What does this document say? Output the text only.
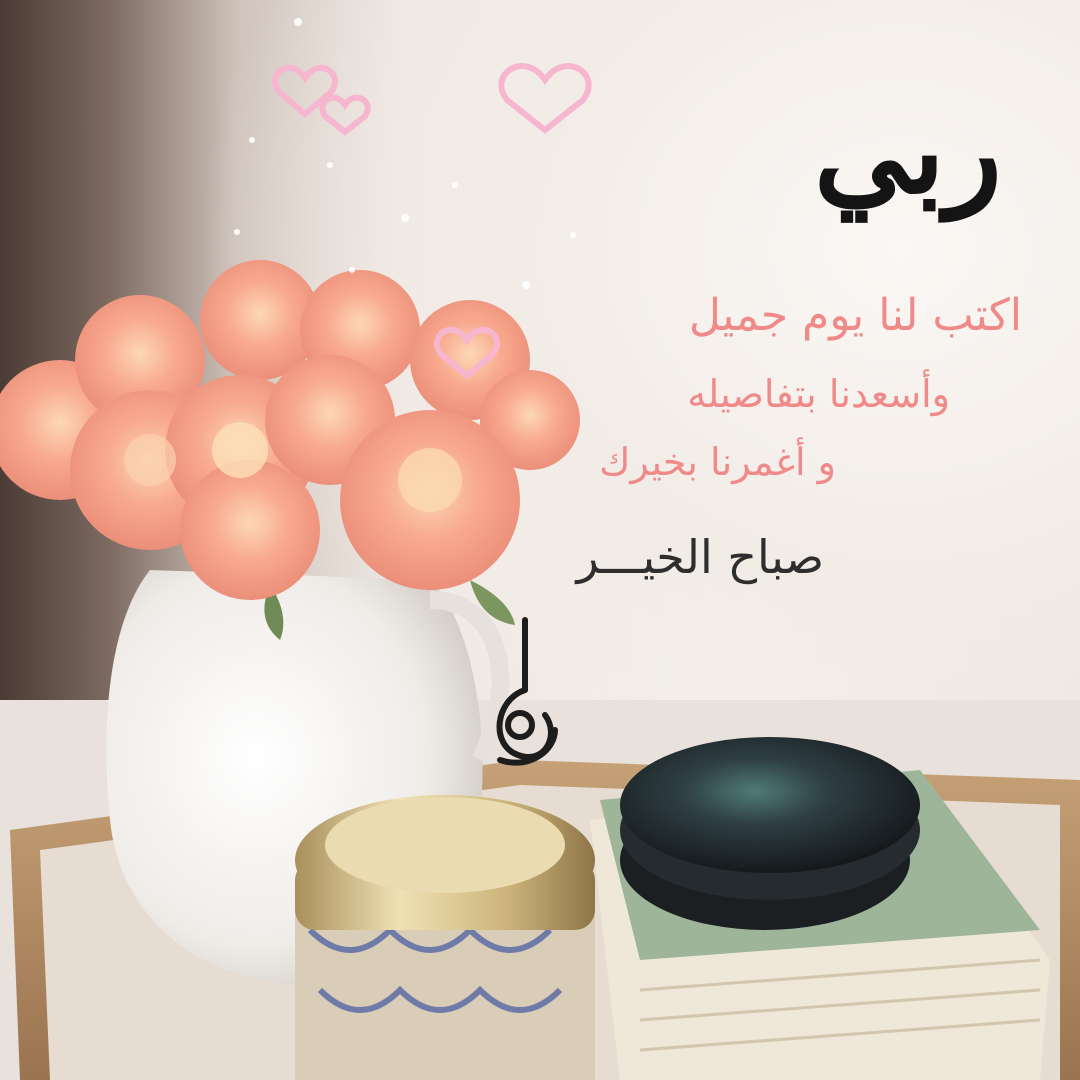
ربي
اكتب لنا يوم جميل
وأسعدنا بتفاصيله
و أغمرنا بخيرك
صباح الخيـــر
